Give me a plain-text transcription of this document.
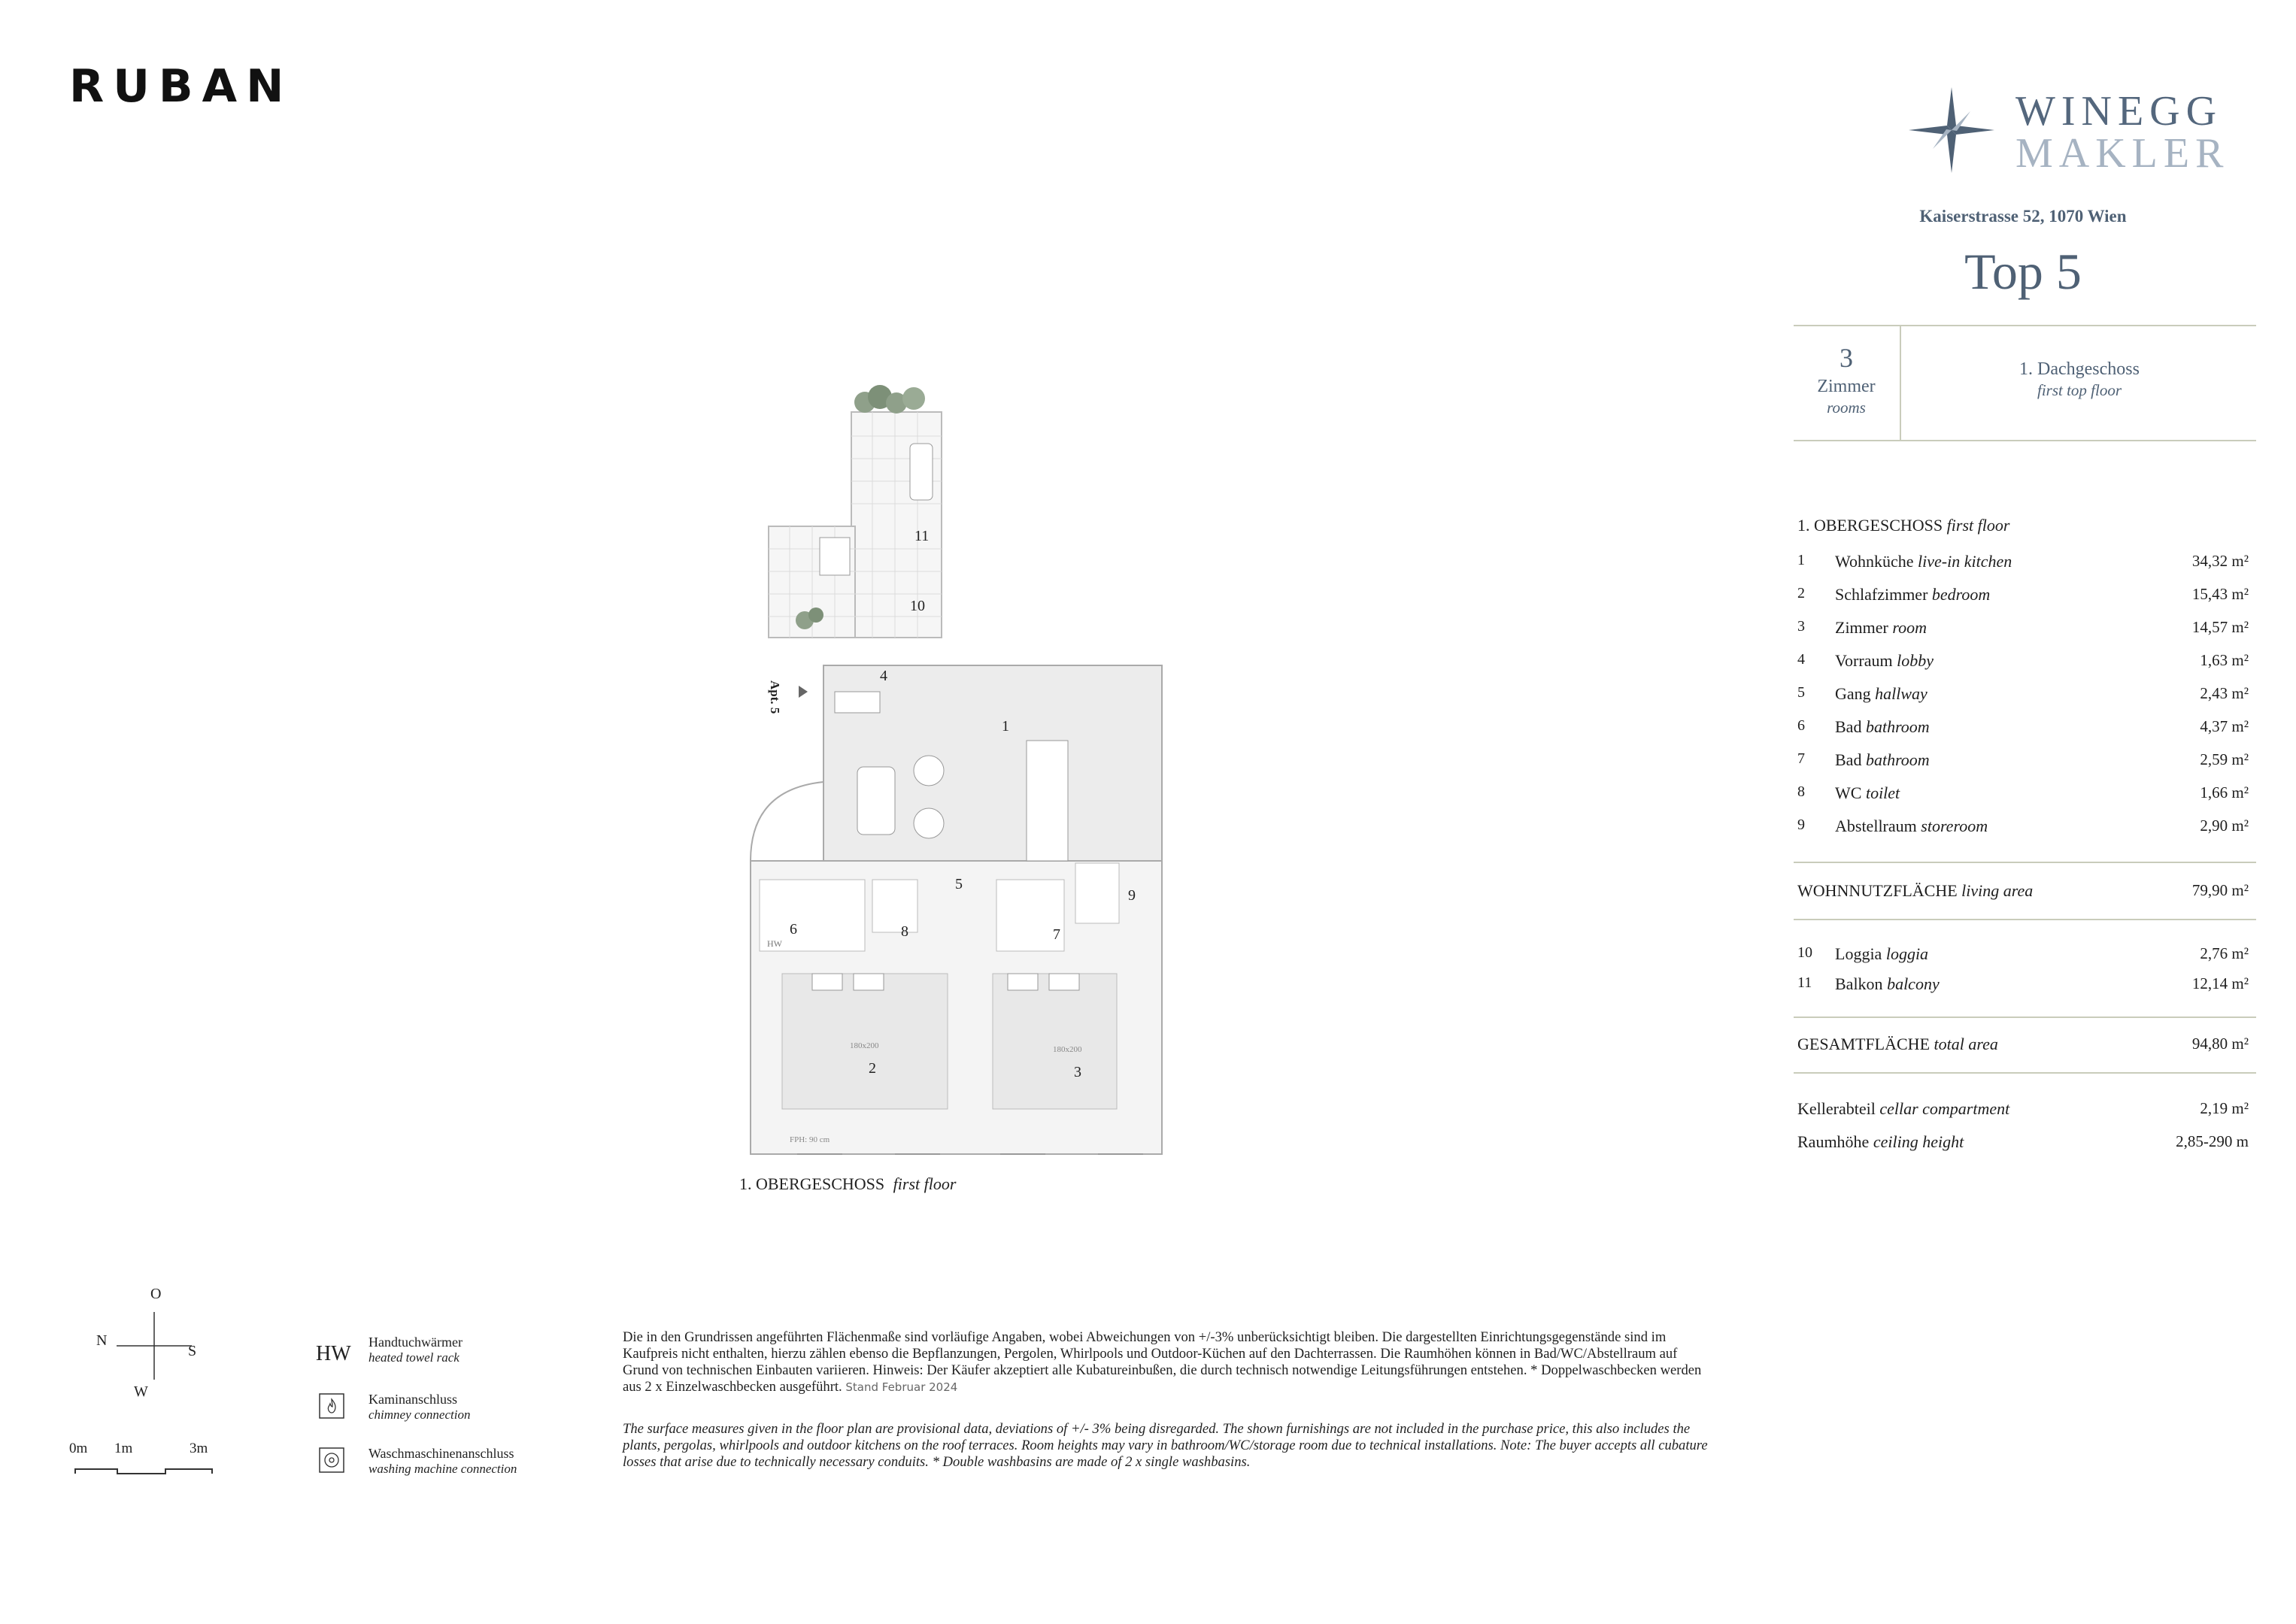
RUBAN	WINEGG
MAKLER
Kaiserstrasse 52, 1070 Wien
Top 5
3
Zimmer
rooms
1. Dachgeschoss
first top floor
1. OBERGESCHOSS first floor
1	Wohnküche live-in kitchen	34,32 m²
2	Schlafzimmer bedroom	15,43 m²
3	Zimmer room	14,57 m²
4	Vorraum lobby	1,63 m²
5	Gang hallway	2,43 m²
6	Bad bathroom	4,37 m²
7	Bad bathroom	2,59 m²
8	WC toilet	1,66 m²
9	Abstellraum storeroom	2,90 m²
WOHNNUTZFLÄCHE living area	79,90 m²
10	Loggia loggia	2,76 m²
11	Balkon balcony	12,14 m²
GESAMTFLÄCHE total area	94,80 m²
Kellerabteil cellar compartment	2,19 m²
Raumhöhe ceiling height	2,85-290 m
11
10
4
1
5
6	8	7
9
2	3
Apt. 5
HW
180x200	180x200
FPH: 90 cm
1. OBERGESCHOSS first floor
O
N
S
W
0m 1m	3m
HW Handtuchwärmer
heated towel rack
Kaminanschluss
chimney connection
Waschmaschinenanschluss
washing machine connection
Die in den Grundrissen angeführten Flächenmaße sind vorläufige Angaben, wobei Abweichungen von +/-3% unberücksichtigt bleiben. Die dargestellten Einrichtungsgegenstände sind im Kaufpreis nicht enthalten, hierzu zählen ebenso die Bepflanzungen, Pergolen, Whirlpools und Outdoor-Küchen auf den Dachterrassen. Die Raumhöhen können in Bad/WC/Abstellraum auf Grund von technischen Einbauten variieren. Hinweis: Der Käufer akzeptiert alle Kubatureinbußen, die durch technisch notwendige Leitungsführungen entstehen. * Doppelwaschbecken werden aus 2 x Einzelwaschbecken ausgeführt. Stand Februar 2024
The surface measures given in the floor plan are provisional data, deviations of +/- 3% being disregarded. The shown furnishings are not included in the purchase price, this also includes the plants, pergolas, whirlpools and outdoor kitchens on the roof terraces. Room heights may vary in bathroom/WC/storage room due to technical installations. Note: The buyer accepts all cubature losses that arise due to technically necessary conduits. * Double washbasins are made of 2 x single washbasins.
